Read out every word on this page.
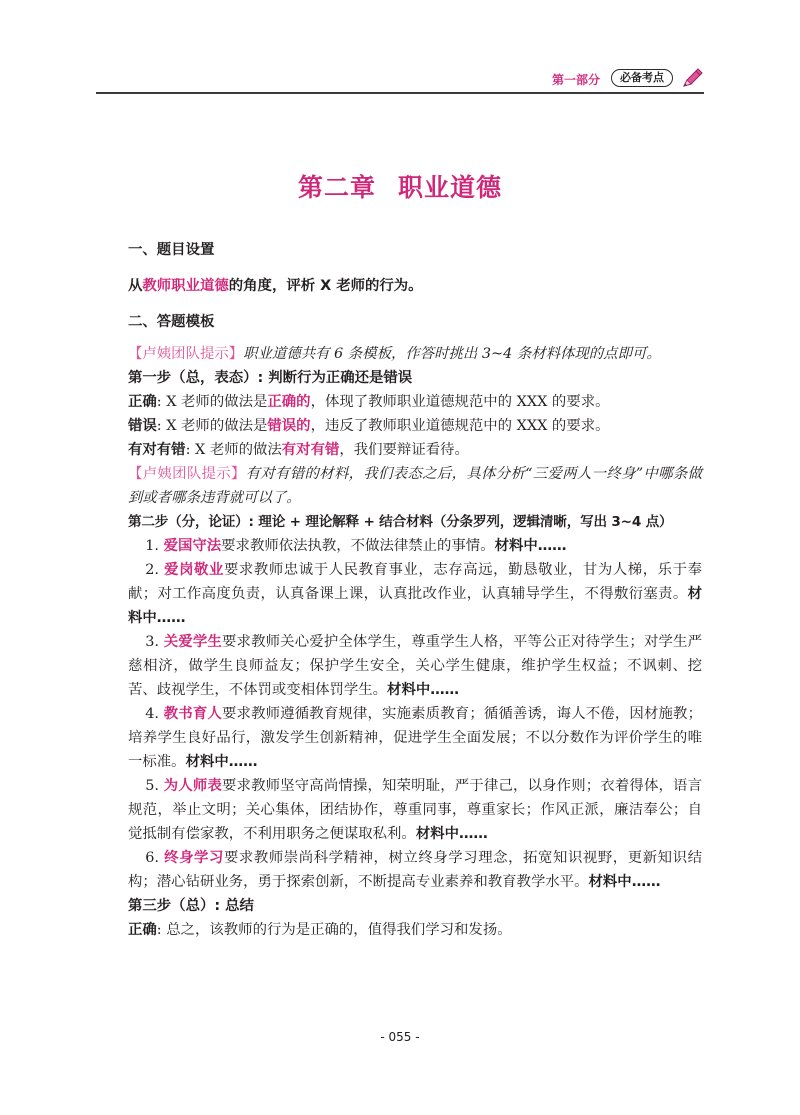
第一部分	必备考点
第二章 职业道德

一、题目设置

从教师职业道德的角度，评析 X 老师的行为。

二、答题模板

【卢姨团队提示】职业道德共有 6 条模板，作答时挑出 3~4 条材料体现的点即可。

第一步（总，表态）: 判断行为正确还是错误

正确: X 老师的做法是正确的，体现了教师职业道德规范中的 XXX 的要求。

错误: X 老师的做法是错误的，违反了教师职业道德规范中的 XXX 的要求。

有对有错: X 老师的做法有对有错，我们要辩证看待。

【卢姨团队提示】有对有错的材料，我们表态之后，具体分析“三爱两人一终身”中哪条做到或者哪条违背就可以了。

第二步（分，论证）: 理论 + 理论解释 + 结合材料（分条罗列，逻辑清晰，写出 3~4 点）

1. 爱国守法要求教师依法执教，不做法律禁止的事情。材料中……

2. 爱岗敬业要求教师忠诚于人民教育事业，志存高远，勤恳敬业，甘为人梯，乐于奉献；对工作高度负责，认真备课上课，认真批改作业，认真辅导学生，不得敷衍塞责。材料中……

3. 关爱学生要求教师关心爱护全体学生，尊重学生人格，平等公正对待学生；对学生严慈相济，做学生良师益友；保护学生安全，关心学生健康，维护学生权益；不讽刺、挖苦、歧视学生，不体罚或变相体罚学生。材料中……

4. 教书育人要求教师遵循教育规律，实施素质教育；循循善诱，诲人不倦，因材施教；培养学生良好品行，激发学生创新精神，促进学生全面发展；不以分数作为评价学生的唯一标准。材料中……

5. 为人师表要求教师坚守高尚情操，知荣明耻，严于律己，以身作则；衣着得体，语言规范，举止文明；关心集体，团结协作，尊重同事，尊重家长；作风正派，廉洁奉公；自觉抵制有偿家教，不利用职务之便谋取私利。材料中……

6. 终身学习要求教师崇尚科学精神，树立终身学习理念，拓宽知识视野，更新知识结构；潜心钻研业务，勇于探索创新，不断提高专业素养和教育教学水平。材料中……

第三步（总）: 总结

正确: 总之，该教师的行为是正确的，值得我们学习和发扬。

- 055 -
